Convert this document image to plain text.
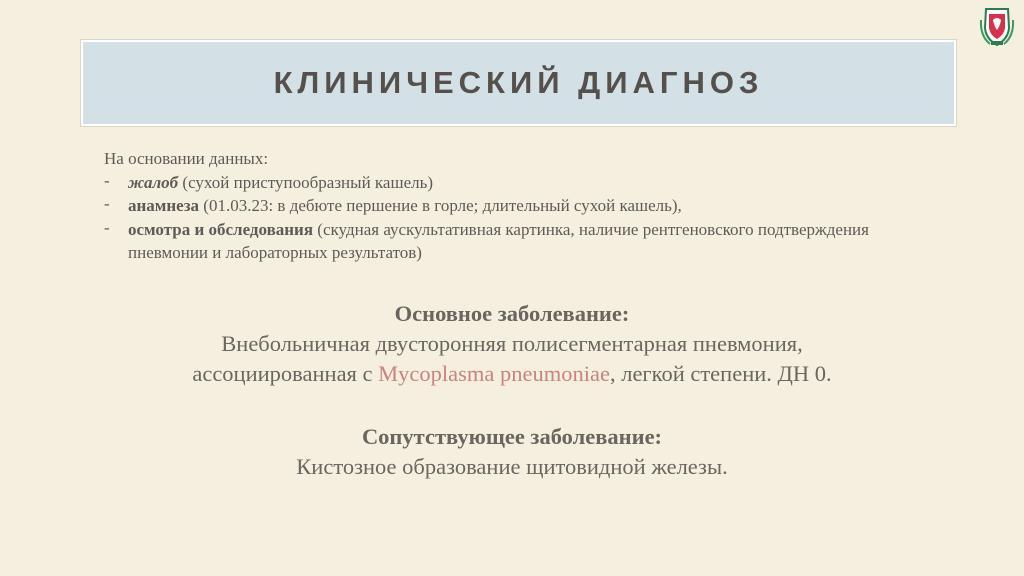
КЛИНИЧЕСКИЙ ДИАГНОЗ
На основании данных:
- жалоб (сухой приступообразный кашель)
- анамнеза (01.03.23: в дебюте першение в горле; длительный сухой кашель),
- осмотра и обследования (скудная аускультативная картинка, наличие рентгеновского подтверждения пневмонии и лабораторных результатов)
Основное заболевание:
Внебольничная двусторонняя полисегментарная пневмония,
ассоциированная с Mycoplasma pneumoniae, легкой степени. ДН 0.
Сопутствующее заболевание:
Кистозное образование щитовидной железы.
